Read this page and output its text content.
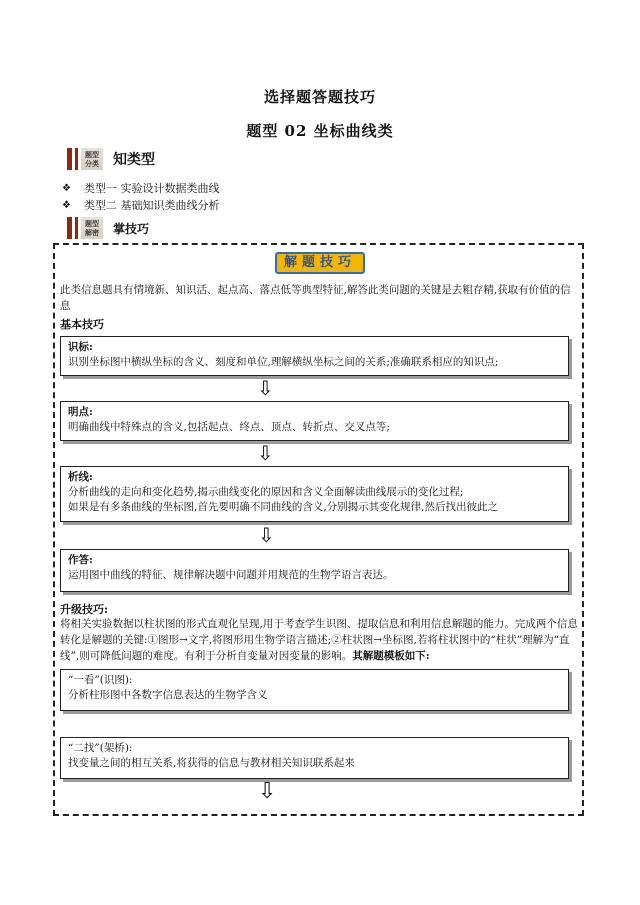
选择题答题技巧
题型 02 坐标曲线类
题型
分类 知类型
❖	类型一 实验设计数据类曲线
❖	类型二 基础知识类曲线分析
题型
解密	掌技巧
解题技巧
此类信息题具有情境新、知识活、起点高、落点低等典型特征,解答此类问题的关键是去粗存精,获取有价值的信息
基本技巧
识标:
识别坐标图中横纵坐标的含义、刻度和单位,理解横纵坐标之间的关系;准确联系相应的知识点;
⇩
明点:
明确曲线中特殊点的含义,包括起点、终点、顶点、转折点、交叉点等;
⇩
析线:
分析曲线的走向和变化趋势,揭示曲线变化的原因和含义全面解读曲线展示的变化过程;
如果是有多条曲线的坐标图,首先要明确不同曲线的含义,分别揭示其变化规律,然后找出彼此之
⇩
作答:
运用图中曲线的特征、规律解决题中问题并用规范的生物学语言表达。
升级技巧:
将相关实验数据以柱状图的形式直观化呈现,用于考查学生识图、提取信息和利用信息解题的能力。完成两个信息转化是解题的关键:①图形→文字,将图形用生物学语言描述;②柱状图→坐标图,若将柱状图中的“柱状”理解为“直线”,则可降低问题的难度。有利于分析自变量对因变量的影响。其解题模板如下:
“一看”(识图):
分析柱形图中各数字信息表达的生物学含义
“二找”(架桥):
找变量之间的相互关系,将获得的信息与教材相关知识联系起来
⇩
